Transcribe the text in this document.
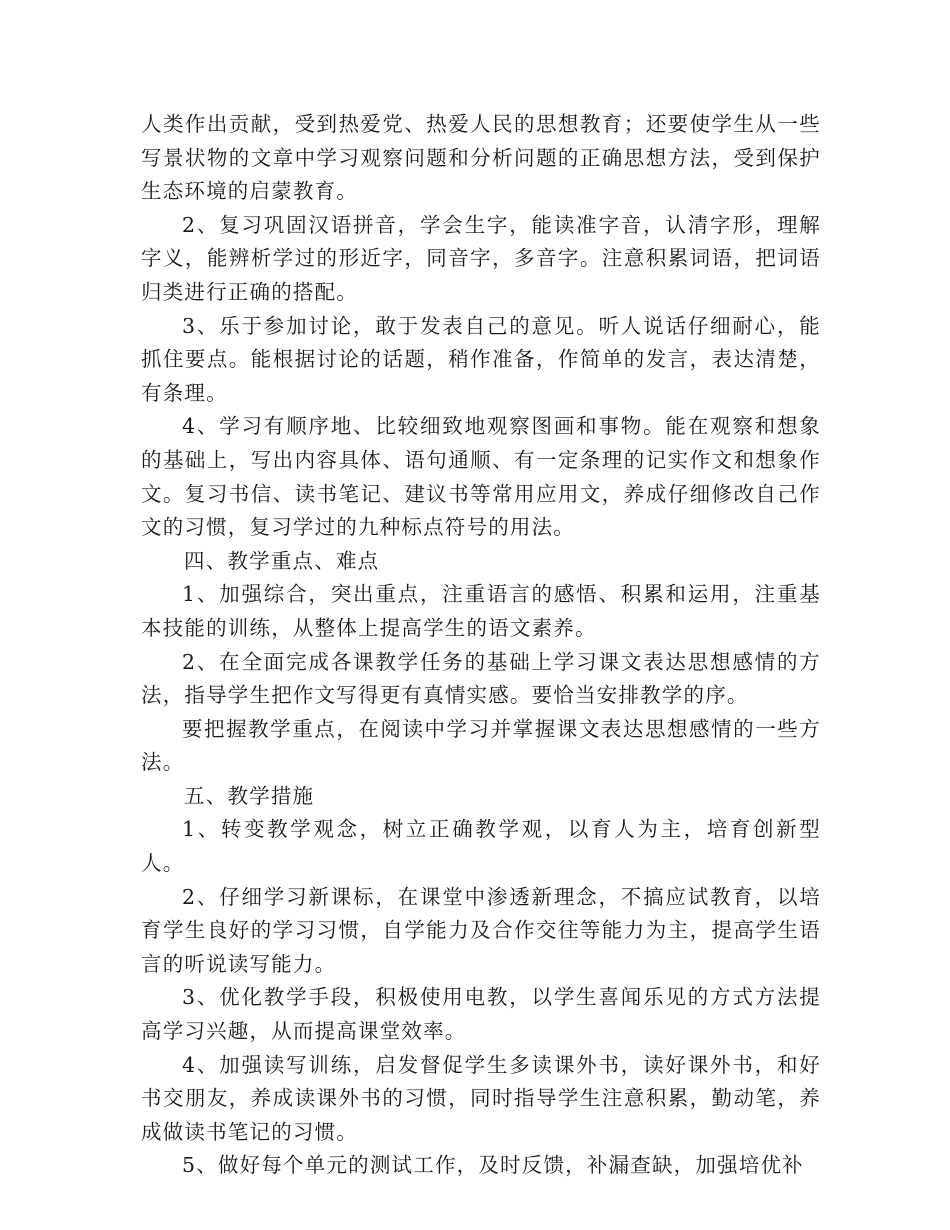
人类作出贡献，受到热爱党、热爱人民的思想教育；还要使学生从一些写景状物的文章中学习观察问题和分析问题的正确思想方法，受到保护生态环境的启蒙教育。

2、复习巩固汉语拼音，学会生字，能读准字音，认清字形，理解字义，能辨析学过的形近字，同音字，多音字。注意积累词语，把词语归类进行正确的搭配。

3、乐于参加讨论，敢于发表自己的意见。听人说话仔细耐心，能抓住要点。能根据讨论的话题，稍作准备，作简单的发言，表达清楚，有条理。

4、学习有顺序地、比较细致地观察图画和事物。能在观察和想象的基础上，写出内容具体、语句通顺、有一定条理的记实作文和想象作文。复习书信、读书笔记、建议书等常用应用文，养成仔细修改自己作文的习惯，复习学过的九种标点符号的用法。

四、教学重点、难点

1、加强综合，突出重点，注重语言的感悟、积累和运用，注重基本技能的训练，从整体上提高学生的语文素养。

2、在全面完成各课教学任务的基础上学习课文表达思想感情的方法，指导学生把作文写得更有真情实感。要恰当安排教学的序。

要把握教学重点，在阅读中学习并掌握课文表达思想感情的一些方法。

五、教学措施

1、转变教学观念，树立正确教学观，以育人为主，培育创新型人。

2、仔细学习新课标，在课堂中渗透新理念，不搞应试教育，以培育学生良好的学习习惯，自学能力及合作交往等能力为主，提高学生语言的听说读写能力。

3、优化教学手段，积极使用电教，以学生喜闻乐见的方式方法提高学习兴趣，从而提高课堂效率。

4、加强读写训练，启发督促学生多读课外书，读好课外书，和好书交朋友，养成读课外书的习惯，同时指导学生注意积累，勤动笔，养成做读书笔记的习惯。

5、做好每个单元的测试工作，及时反馈，补漏查缺，加强培优补
